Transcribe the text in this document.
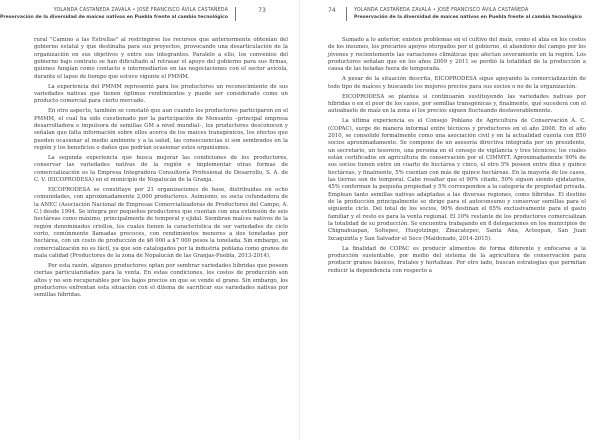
YOLANDA CASTAÑEDA ZAVALA • JOSÉ FRANCISCO ÁVILA CASTAÑEDA
Preservación de la diversidad de maíces nativos en Puebla frente al cambio tecnológico
73

rural "Camino a las Estrellas" al restringirse los recursos que anteriormente obtenían del gobierno estatal y que destinaba para sus proyectos, provocando una desarticulación de la organización en sus objetivos y entre sus integrantes. Paralelo a ello, los convenios del gobierno bajo contrato se han dificultado al retrasar el apoyo del gobierno para sus firmas, quienes fungían como contacto e intermediarios en las negociaciones con el sector avícola, durante el lapso de tiempo que estuvo vigente el PMMM.

La experiencia del PMMM representó para los productores un reconocimiento de sus variedades nativas que tienen óptimos rendimientos y puede ser considerado como un producto comercial para cierto mercado.

En otro aspecto, también se constató que aun cuando los productores participaron en el PMMM, el cual ha sido cuestionado por la participación de Monsanto –principal empresa desarrolladora e impulsora de semillas GM a nivel mundial–, los productores desconocen y señalan que falta información sobre ellos acerca de los maíces transgénicos, los efectos que pueden ocasionar al medio ambiente y a la salud, las consecuencias si son sembrados en la región y los beneficios o daños que podrían ocasionar estos organismos.

La segunda experiencia que busca mejorar las condiciones de los productores, conservar las variedades nativas de la región e implementar otras formas de comercialización es la Empresa Integradora Consultoría Profesional de Desarrollo, S. A. de C. V. (EICOPRODESA) en el municipio de Nopalucán de la Granja.

EICOPRODESA se constituye por 21 organizaciones de base, distribuidas en ocho comunidades, con aproximadamente 2,000 productores. Asimismo, es socia cofundadora de la ANEC (Asociación Nacional de Empresas Comercializadoras de Productores del Campo, A. C.) desde 1994. Se integra por pequeños productores que cuentan con una extensión de seis hectáreas como máximo, principalmente de temporal y ejidal. Siembran maíces nativos de la región denominados criollos, los cuales tienen la característica de ser variedades de ciclo corto, comúnmente llamadas precoces, con rendimientos menores a dos toneladas por hectárea, con un costo de producción de $6 000 a $7 000 pesos la tonelada. Sin embargo, su comercialización no es fácil, ya que son catalogados por la industria poblana como granos de mala calidad (Productores de la zona de Nopalucán de las Granjas-Puebla, 2013-2014).

Por esta razón, algunos productores optan por sembrar variedades híbridas que poseen ciertas particularidades para la venta. En estas condiciones, los costos de producción son altos y no son recuperables por los bajos precios en que se vende el grano. Sin embargo, los productores enfrentan esta situación con el dilema de sacrificar sus variedades nativas por semillas híbridas.

74	YOLANDA CASTAÑEDA ZAVALA • JOSÉ FRANCISCO ÁVILA CASTAÑEDA
Preservación de la diversidad de maíces nativos en Puebla frente al cambio tecnológico

Sumado a lo anterior, existen problemas en el cultivo del maíz, como el alza en los costos de los insumos, los precarios apoyos otorgados por el gobierno, el abandono del campo por los jóvenes y recientemente las variaciones climáticas que afectan severamente en la región. Los productores señalan que en los años 2009 y 2011 se perdió la totalidad de la producción a causa de las heladas fuera de temporada.

A pesar de la situación descrita, EICOPRODESA sigue apoyando la comercialización de todo tipo de maíces y buscando los mejores precios para sus socios o no de la organización.

EICOPRODESA se plantea si continuarán sustituyendo las variedades nativas por híbridas o en el peor de los casos, por semillas transgénicas y, finalmente, qué sucederá con el autoabasto de maíz en la zona si los precios siguen fluctuando desfavorablemente.

La última experiencia es el Consejo Poblano de Agricultura de Conservación A. C. (COPAC), surge de manera informal entre técnicos y productores en el año 2008. En el año 2010, se consolidó formalmente como una asociación civil y en la actualidad cuenta con 850 socios aproximadamente. Se compone de un asesoría directiva integrada por un presidente, un secretario, un tesorero, una persona en el consejo de vigilancia y tres técnicos; los cuales están certificados en agricultura de conservación por el CIMMYT. Aproximadamente 90% de sus socios tienen entre un cuarto de hectárea y cinco, el otro 5% poseen entre diez y quince hectáreas, y finalmente, 5% cuentan con más de quince hectáreas. En la mayoría de los casos, las tierras son de temporal. Cabe resaltar que el 90% citado, 50% siguen siendo ejidatarios, 45% conforman la pequeña propiedad y 5% corresponden a la categoría de propiedad privada. Emplean tanto semillas nativas adaptadas a las diversas regiones, como híbridas. El destino de la producción principalmente se dirige para el autoconsumo y conservar semillas para el siguiente ciclo. Del total de los socios, 90% destinan el 65% exclusivamente para el gasto familiar y el resto es para la venta regional. El 10% restante de los productores comercializan la totalidad de su producción. Se encuentra trabajando en 8 delegaciones en los municipios de Chignahuapan, Soltepec, Huejotzingo, Zinacatepec, Santa Ana, Acteopan, San Juan Ixcaquixtla y San Salvador el Seco (Maldonado, 2014-2015).

La finalidad de COPAC es producir alimentos de forma diferente y enfocarse a la producción sustentable, por medio del sistema de la agricultura de conservación para producir granos básicos, frutales y hortalizas. Por otro lado, buscan estrategias que permitan reducir la dependencia con respecto a
